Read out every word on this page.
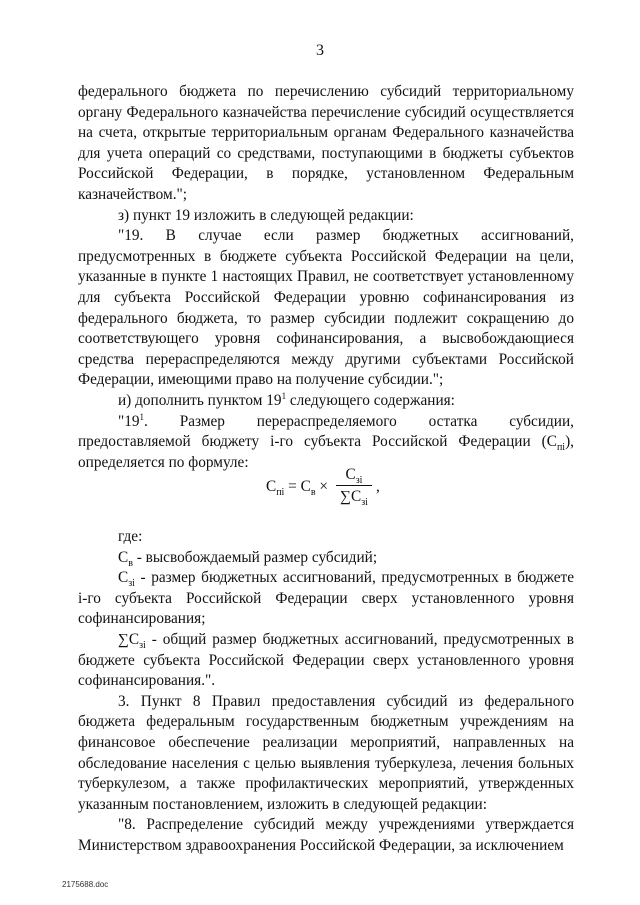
3

федерального бюджета по перечислению субсидий территориальному органу Федерального казначейства перечисление субсидий осуществляется на счета, открытые территориальным органам Федерального казначейства для учета операций со средствами, поступающими в бюджеты субъектов Российской Федерации, в порядке, установленном Федеральным казначейством.";

з) пункт 19 изложить в следующей редакции:

"19. В случае если размер бюджетных ассигнований, предусмотренных в бюджете субъекта Российской Федерации на цели, указанные в пункте 1 настоящих Правил, не соответствует установленному для субъекта Российской Федерации уровню софинансирования из федерального бюджета, то размер субсидии подлежит сокращению до соответствующего уровня софинансирования, а высвобождающиеся средства перераспределяются между другими субъектами Российской Федерации, имеющими право на получение субсидии.";

и) дополнить пунктом $19^1$ следующего содержания:

"$19^1$. Размер перераспределяемого остатка субсидии, предоставляемой бюджету i-го субъекта Российской Федерации $(С_{пi})$, определяется по формуле:

$С_{пi} = С_в$ ×
$С_{зi}$
$\sum С_{зi}$
,

где:

$С_в$ - высвобождаемый размер субсидий;

$С_{зi}$ - размер бюджетных ассигнований, предусмотренных в бюджете i-го субъекта Российской Федерации сверх установленного уровня софинансирования;

$\sum С_{зi}$ - общий размер бюджетных ассигнований, предусмотренных в бюджете субъекта Российской Федерации сверх установленного уровня софинансирования.".

3. Пункт 8 Правил предоставления субсидий из федерального бюджета федеральным государственным бюджетным учреждениям на финансовое обеспечение реализации мероприятий, направленных на обследование населения с целью выявления туберкулеза, лечения больных туберкулезом, а также профилактических мероприятий, утвержденных указанным постановлением, изложить в следующей редакции:

"8. Распределение субсидий между учреждениями утверждается Министерством здравоохранения Российской Федерации, за исключением

2175688.doc
